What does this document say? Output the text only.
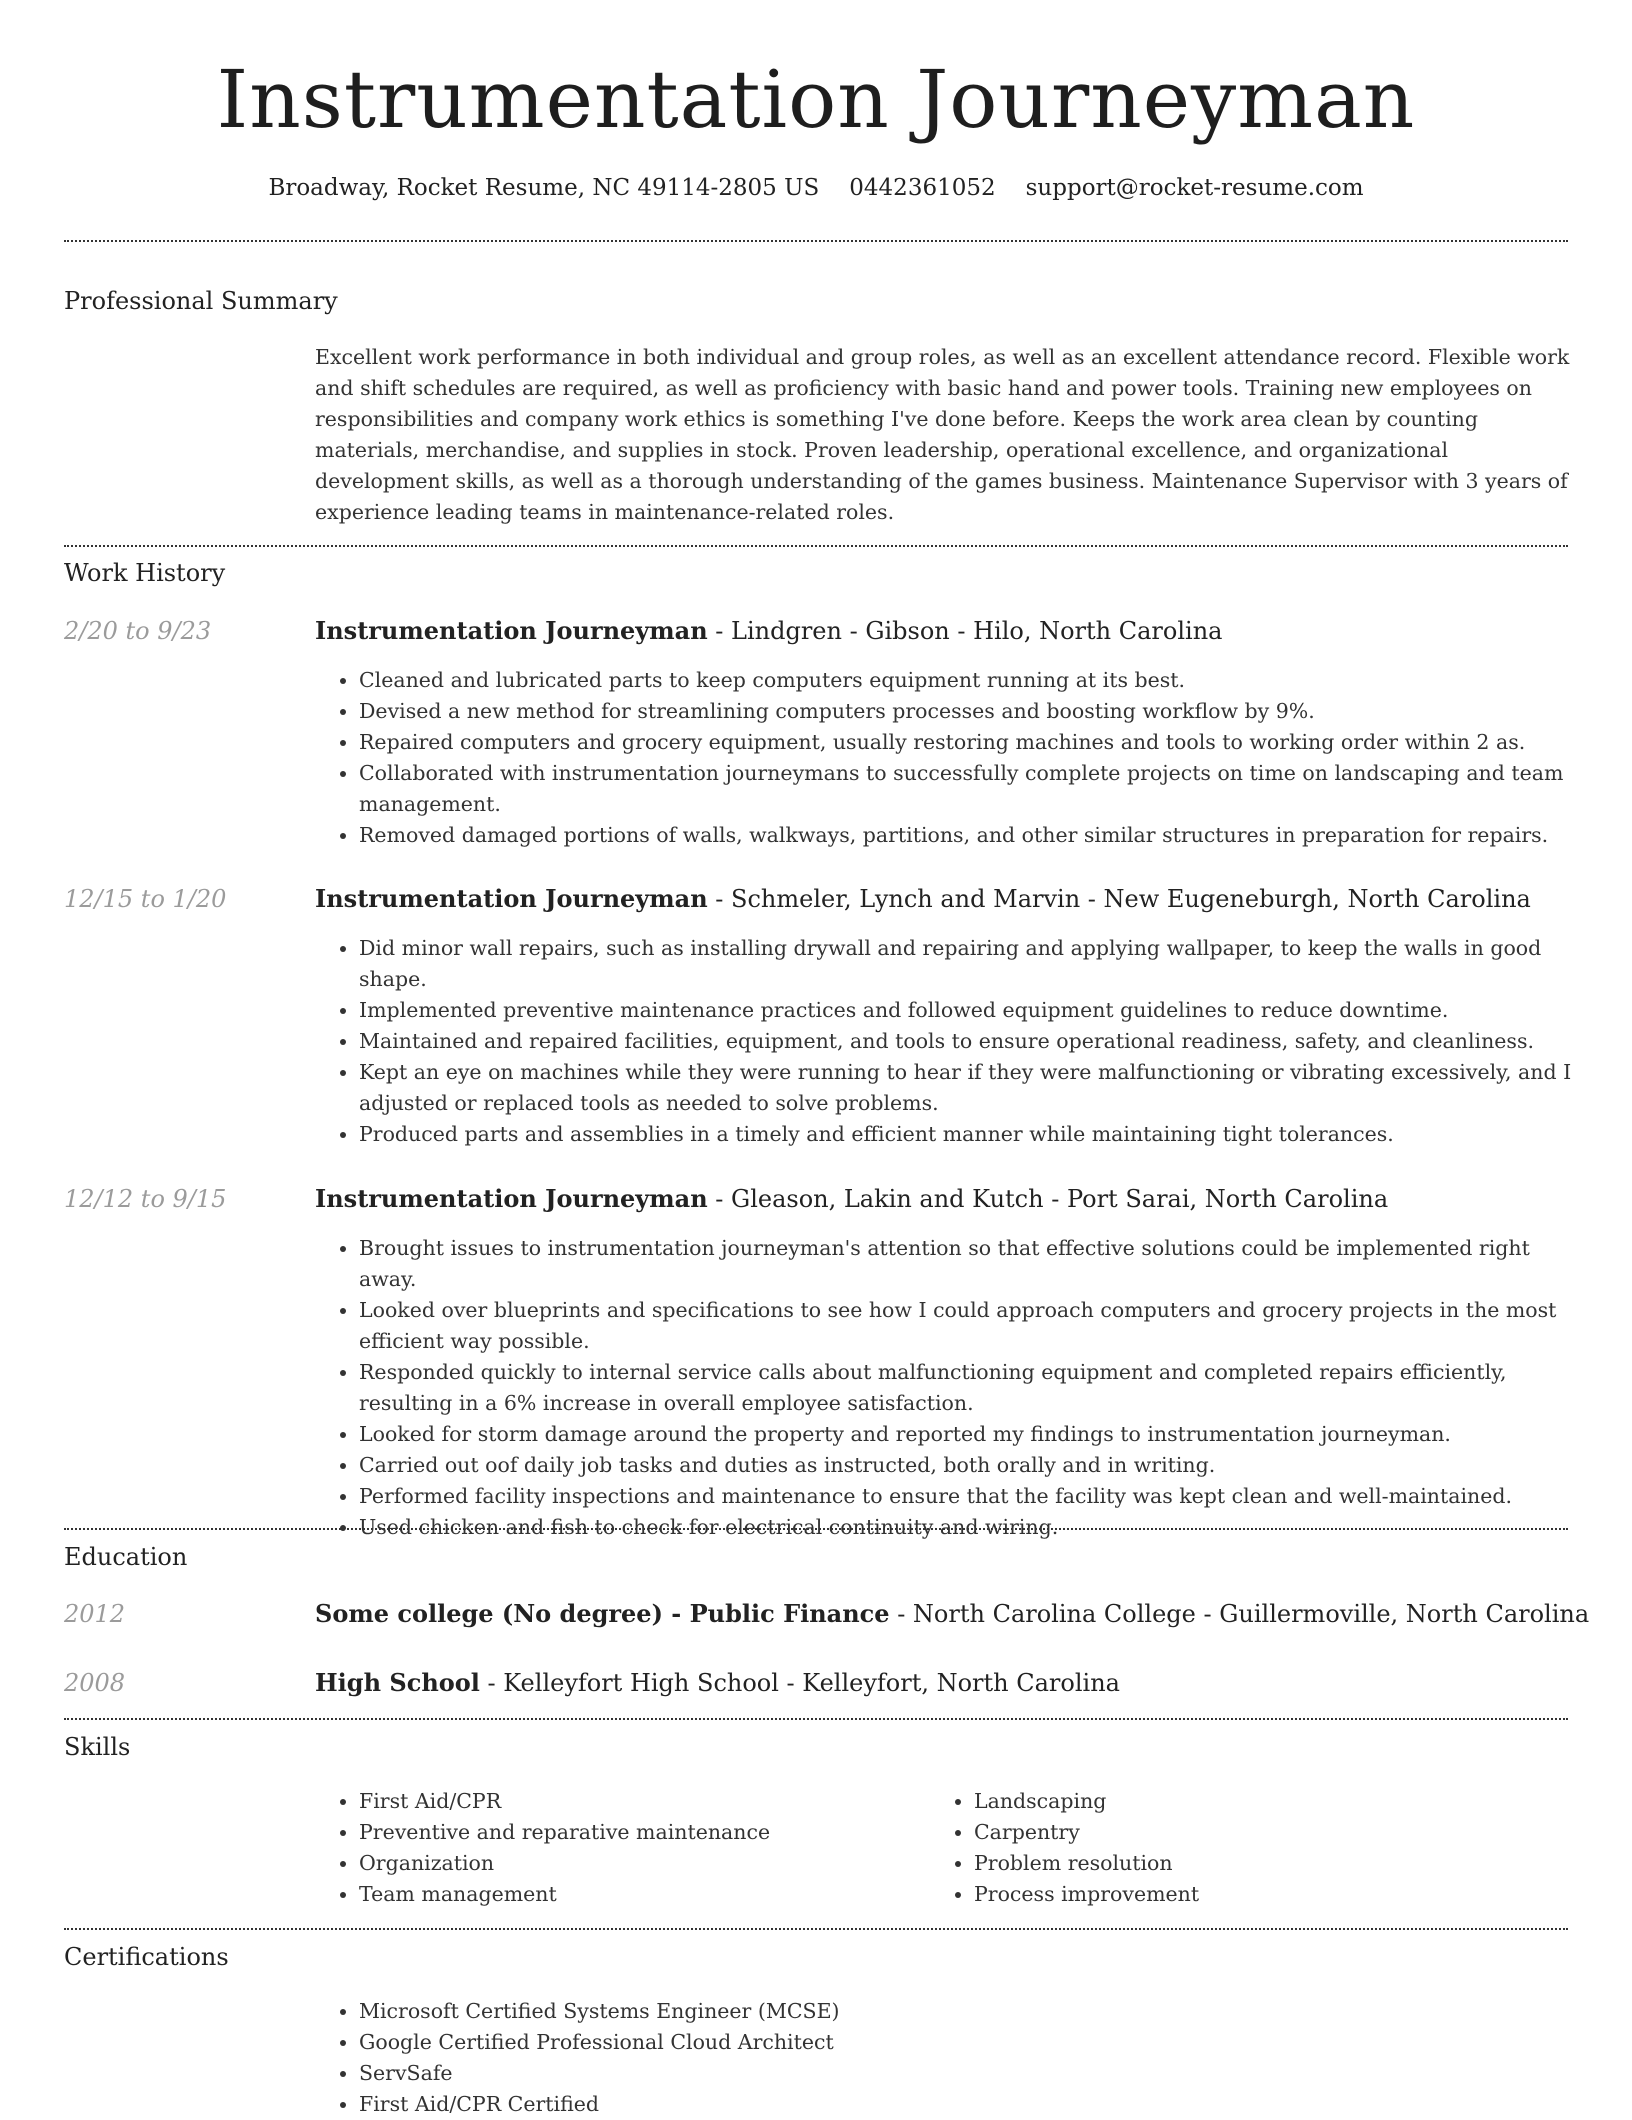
Instrumentation Journeyman
Broadway, Rocket Resume, NC 49114-2805 US 0442361052 support@rocket-resume.com
Professional Summary

Excellent work performance in both individual and group roles, as well as an excellent attendance record. Flexible work and shift schedules are required, as well as proficiency with basic hand and power tools. Training new employees on responsibilities and company work ethics is something I've done before. Keeps the work area clean by counting materials, merchandise, and supplies in stock. Proven leadership, operational excellence, and organizational development skills, as well as a thorough understanding of the games business. Maintenance Supervisor with 3 years of experience leading teams in maintenance-related roles.

Work History
2/20 to 9/23	Instrumentation Journeyman - Lindgren - Gibson - Hilo, North Carolina
• Cleaned and lubricated parts to keep computers equipment running at its best.
• Devised a new method for streamlining computers processes and boosting workflow by 9%.
• Repaired computers and grocery equipment, usually restoring machines and tools to working order within 2 as.
• Collaborated with instrumentation journeymans to successfully complete projects on time on landscaping and team management.
• Removed damaged portions of walls, walkways, partitions, and other similar structures in preparation for repairs.
12/15 to 1/20	Instrumentation Journeyman - Schmeler, Lynch and Marvin - New Eugeneburgh, North Carolina
• Did minor wall repairs, such as installing drywall and repairing and applying wallpaper, to keep the walls in good shape.
• Implemented preventive maintenance practices and followed equipment guidelines to reduce downtime.
• Maintained and repaired facilities, equipment, and tools to ensure operational readiness, safety, and cleanliness.
• Kept an eye on machines while they were running to hear if they were malfunctioning or vibrating excessively, and I adjusted or replaced tools as needed to solve problems.
• Produced parts and assemblies in a timely and efficient manner while maintaining tight tolerances.
12/12 to 9/15	Instrumentation Journeyman - Gleason, Lakin and Kutch - Port Sarai, North Carolina
• Brought issues to instrumentation journeyman's attention so that effective solutions could be implemented right away.
• Looked over blueprints and specifications to see how I could approach computers and grocery projects in the most efficient way possible.
• Responded quickly to internal service calls about malfunctioning equipment and completed repairs efficiently, resulting in a 6% increase in overall employee satisfaction.
• Looked for storm damage around the property and reported my findings to instrumentation journeyman.
• Carried out oof daily job tasks and duties as instructed, both orally and in writing.
• Performed facility inspections and maintenance to ensure that the facility was kept clean and well-maintained.
• Used chicken and fish to check for electrical continuity and wiring.
Education
2012	Some college (No degree) - Public Finance - North Carolina College - Guillermoville, North Carolina
2008	High School - Kelleyfort High School - Kelleyfort, North Carolina
Skills
• First Aid/CPR
• Preventive and reparative maintenance
• Organization
• Team management
• Landscaping
• Carpentry
• Problem resolution
• Process improvement
Certifications
• Microsoft Certified Systems Engineer (MCSE)
• Google Certified Professional Cloud Architect
• ServSafe
• First Aid/CPR Certified
